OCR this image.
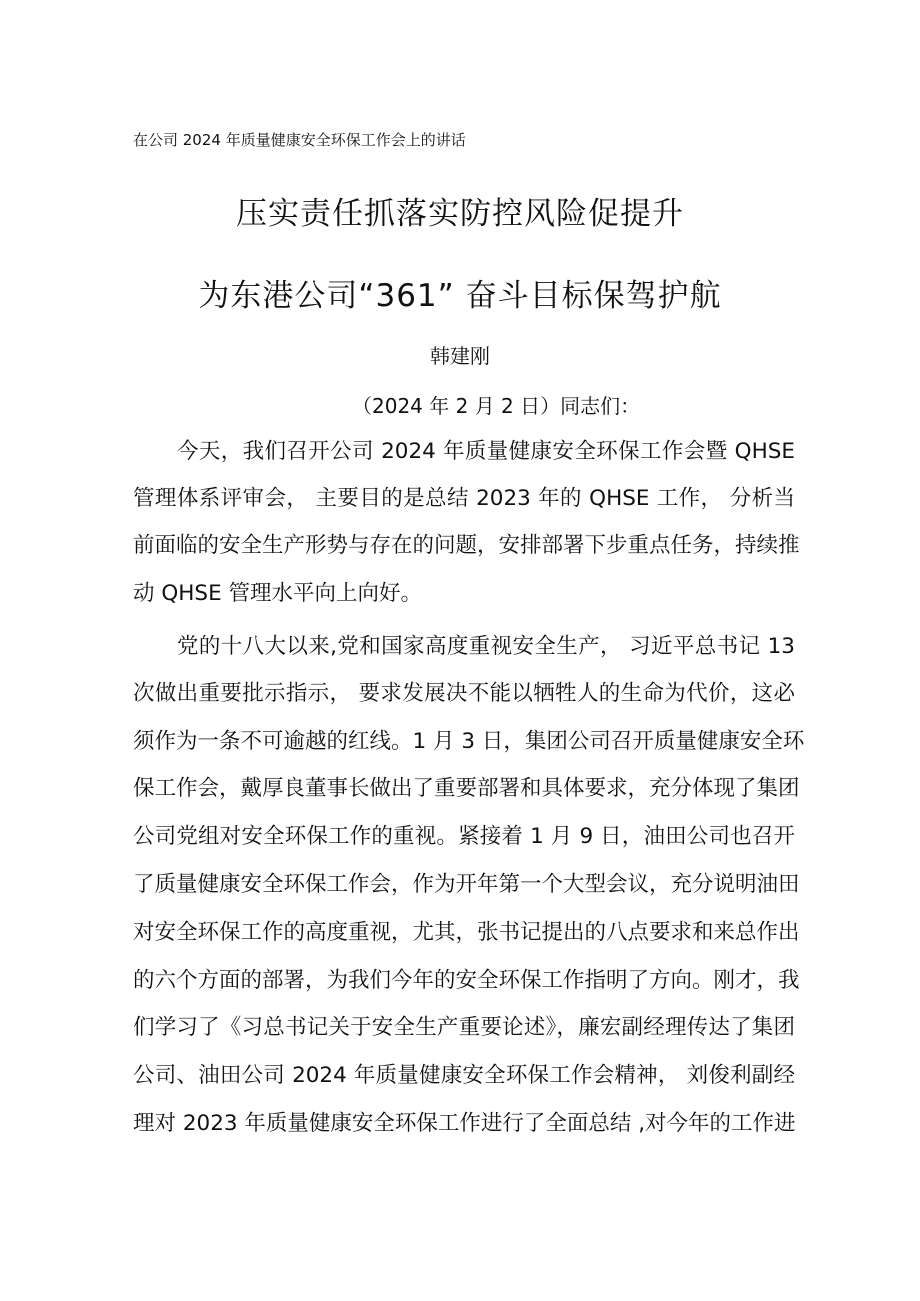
在公司 2024 年质量健康安全环保工作会上的讲话
压实责任抓落实防控风险促提升
为东港公司“361” 奋斗目标保驾护航
韩建刚
（2024 年 2 月 2 日）同志们：
今天，我们召开公司 2024 年质量健康安全环保工作会暨 QHSE
管理体系评审会， 主要目的是总结 2023 年的 QHSE 工作， 分析当
前面临的安全生产形势与存在的问题，安排部署下步重点任务，持续推
动 QHSE 管理水平向上向好。
党的十八大以来,党和国家高度重视安全生产， 习近平总书记 13
次做出重要批示指示， 要求发展决不能以牺牲人的生命为代价，这必
须作为一条不可逾越的红线。1 月 3 日，集团公司召开质量健康安全环
保工作会，戴厚良董事长做出了重要部署和具体要求，充分体现了集团
公司党组对安全环保工作的重视。紧接着 1 月 9 日，油田公司也召开
了质量健康安全环保工作会，作为开年第一个大型会议，充分说明油田
对安全环保工作的高度重视，尤其，张书记提出的八点要求和来总作出
的六个方面的部署，为我们今年的安全环保工作指明了方向。刚才，我
们学习了《习总书记关于安全生产重要论述》，廉宏副经理传达了集团
公司、油田公司 2024 年质量健康安全环保工作会精神， 刘俊利副经
理对 2023 年质量健康安全环保工作进行了全面总结 ,对今年的工作进
